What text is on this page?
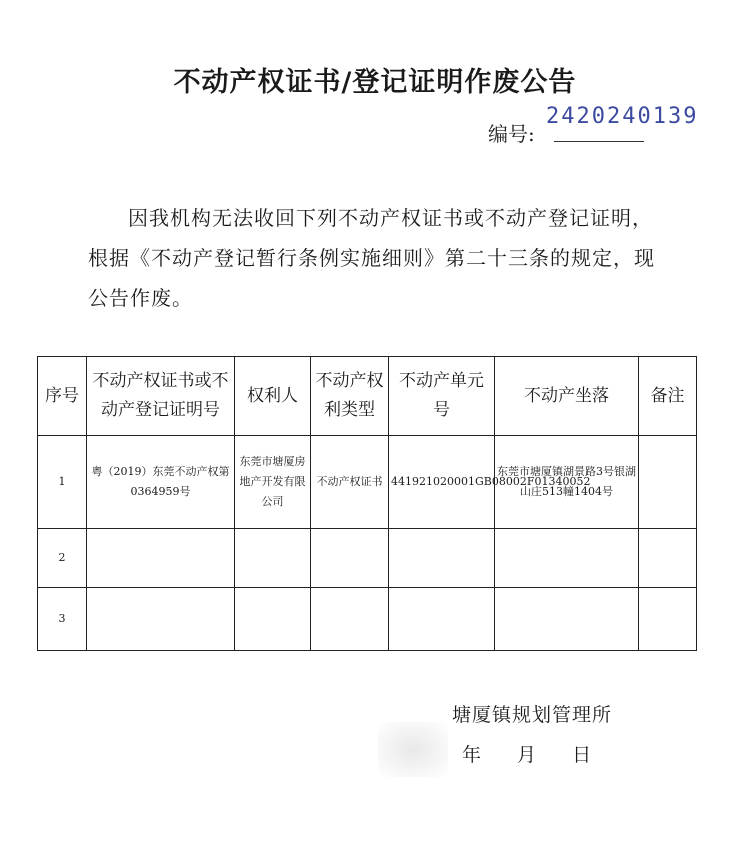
不动产权证书/登记证明作废公告
编号:
2420240139
因我机构无法收回下列不动产权证书或不动产登记证明，根据《不动产登记暂行条例实施细则》第二十三条的规定，现公告作废。
序号	不动产权证书或不动产登记证明号	权利人	不动产权利类型	不动产单元号	不动产坐落	备注
1	粤（2019）东莞不动产权第0364959号	东莞市塘厦房地产开发有限公司	不动产权证书	441921020001GB08002F01340052	东莞市塘厦镇湖景路3号银湖山庄513幢1404号	
2						
3						
塘厦镇规划管理所
年 月 日
